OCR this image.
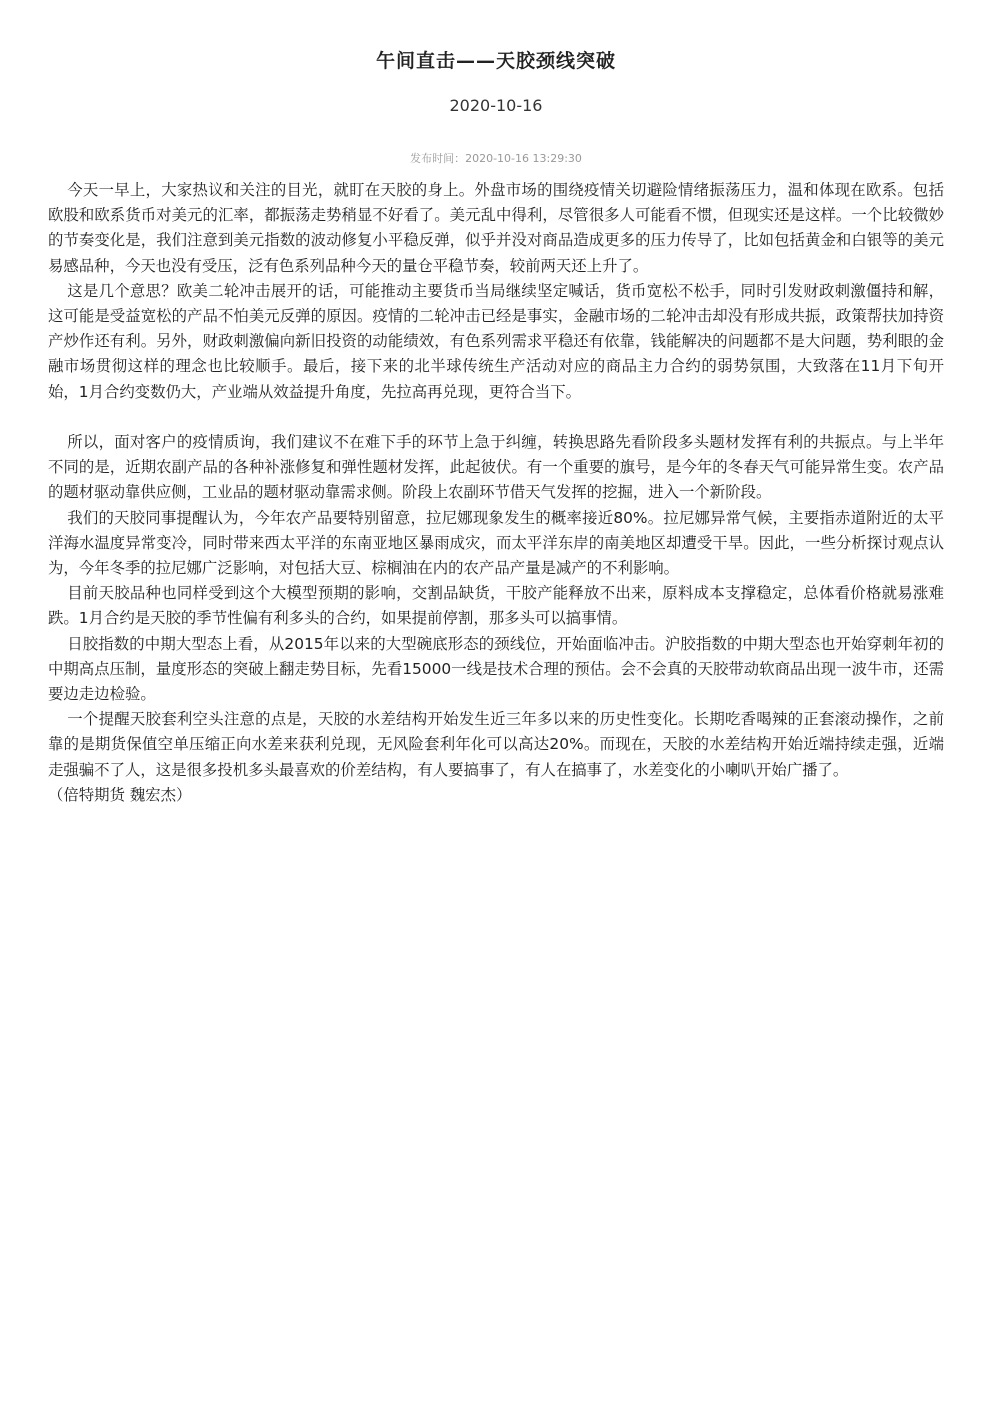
午间直击——天胶颈线突破
2020-10-16
发布时间：2020-10-16 13:29:30

今天一早上，大家热议和关注的目光，就盯在天胶的身上。外盘市场的围绕疫情关切避险情绪振荡压力，温和体现在欧系。包括欧股和欧系货币对美元的汇率，都振荡走势稍显不好看了。美元乱中得利，尽管很多人可能看不惯，但现实还是这样。一个比较微妙的节奏变化是，我们注意到美元指数的波动修复小平稳反弹，似乎并没对商品造成更多的压力传导了，比如包括黄金和白银等的美元易感品种，今天也没有受压，泛有色系列品种今天的量仓平稳节奏，较前两天还上升了。

这是几个意思？欧美二轮冲击展开的话，可能推动主要货币当局继续坚定喊话，货币宽松不松手，同时引发财政刺激僵持和解，这可能是受益宽松的产品不怕美元反弹的原因。疫情的二轮冲击已经是事实，金融市场的二轮冲击却没有形成共振，政策帮扶加持资产炒作还有利。另外，财政刺激偏向新旧投资的动能绩效，有色系列需求平稳还有依靠，钱能解决的问题都不是大问题，势利眼的金融市场贯彻这样的理念也比较顺手。最后，接下来的北半球传统生产活动对应的商品主力合约的弱势氛围，大致落在11月下旬开始，1月合约变数仍大，产业端从效益提升角度，先拉高再兑现，更符合当下。

所以，面对客户的疫情质询，我们建议不在难下手的环节上急于纠缠，转换思路先看阶段多头题材发挥有利的共振点。与上半年不同的是，近期农副产品的各种补涨修复和弹性题材发挥，此起彼伏。有一个重要的旗号，是今年的冬春天气可能异常生变。农产品的题材驱动靠供应侧，工业品的题材驱动靠需求侧。阶段上农副环节借天气发挥的挖掘，进入一个新阶段。

我们的天胶同事提醒认为，今年农产品要特别留意，拉尼娜现象发生的概率接近80%。拉尼娜异常气候，主要指赤道附近的太平洋海水温度异常变冷，同时带来西太平洋的东南亚地区暴雨成灾，而太平洋东岸的南美地区却遭受干旱。因此，一些分析探讨观点认为，今年冬季的拉尼娜广泛影响，对包括大豆、棕榈油在内的农产品产量是减产的不利影响。

目前天胶品种也同样受到这个大模型预期的影响，交割品缺货，干胶产能释放不出来，原料成本支撑稳定，总体看价格就易涨难跌。1月合约是天胶的季节性偏有利多头的合约，如果提前停割，那多头可以搞事情。

日胶指数的中期大型态上看，从2015年以来的大型碗底形态的颈线位，开始面临冲击。沪胶指数的中期大型态也开始穿刺年初的中期高点压制，量度形态的突破上翻走势目标，先看15000一线是技术合理的预估。会不会真的天胶带动软商品出现一波牛市，还需要边走边检验。

一个提醒天胶套利空头注意的点是，天胶的水差结构开始发生近三年多以来的历史性变化。长期吃香喝辣的正套滚动操作，之前靠的是期货保值空单压缩正向水差来获利兑现，无风险套利年化可以高达20%。而现在，天胶的水差结构开始近端持续走强，近端走强骗不了人，这是很多投机多头最喜欢的价差结构，有人要搞事了，有人在搞事了，水差变化的小喇叭开始广播了。

（倍特期货 魏宏杰）
